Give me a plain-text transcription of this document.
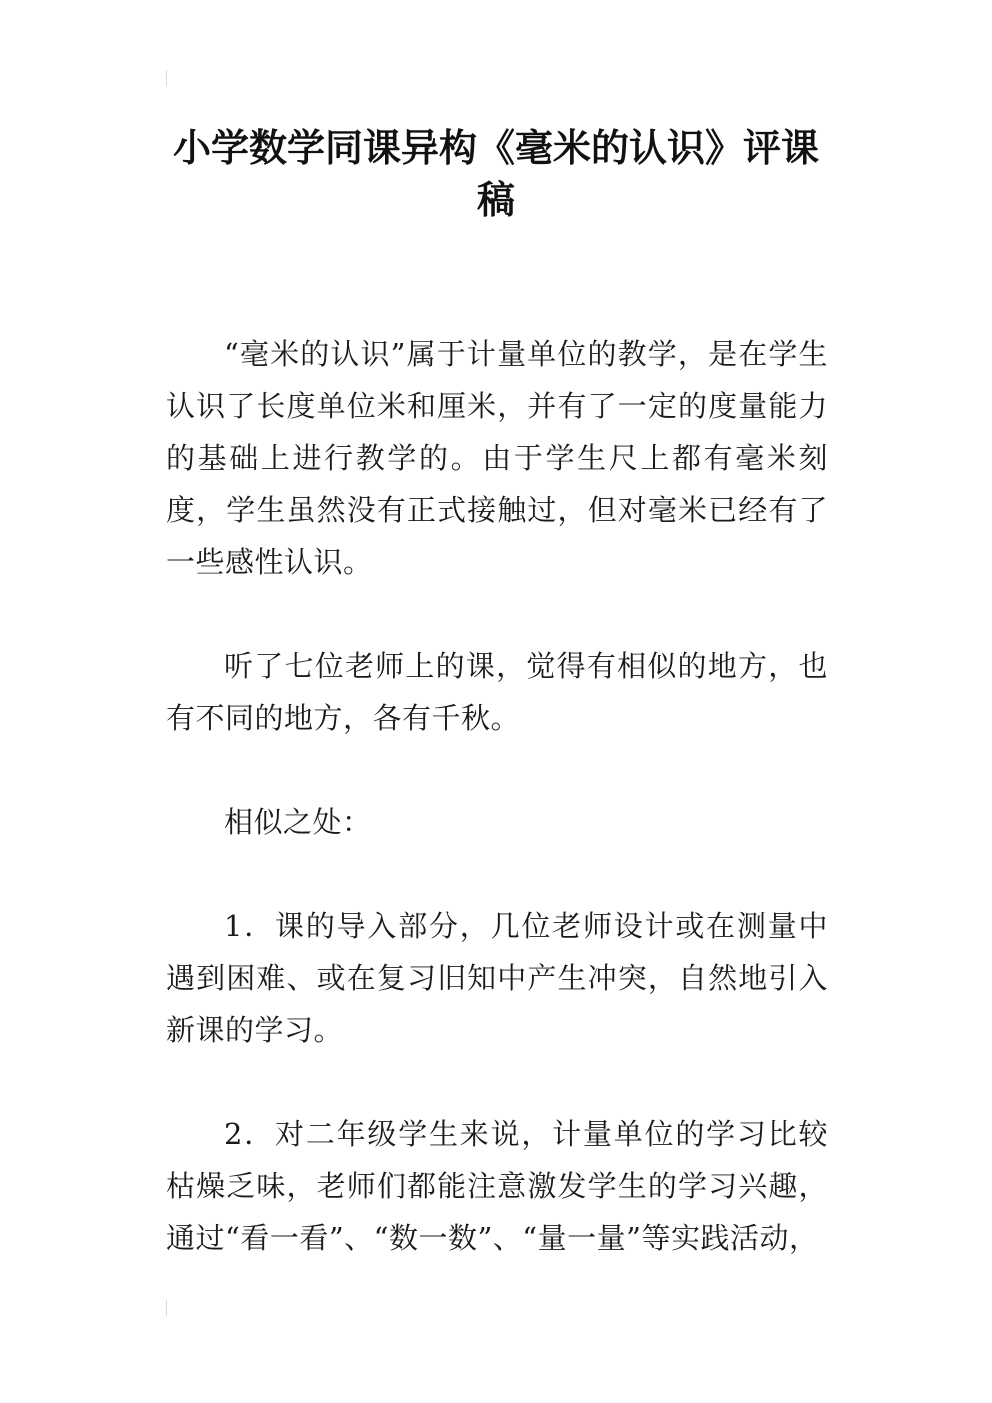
小学数学同课异构《毫米的认识》评课稿

“毫米的认识”属于计量单位的教学，是在学生认识了长度单位米和厘米，并有了一定的度量能力的基础上进行教学的。由于学生尺上都有毫米刻度，学生虽然没有正式接触过，但对毫米已经有了一些感性认识。

听了七位老师上的课，觉得有相似的地方，也有不同的地方，各有千秋。

相似之处：

1．课的导入部分，几位老师设计或在测量中遇到困难、或在复习旧知中产生冲突，自然地引入新课的学习。

2．对二年级学生来说，计量单位的学习比较枯燥乏味，老师们都能注意激发学生的学习兴趣，通过“看一看”、“数一数”、“量一量”等实践活动，
